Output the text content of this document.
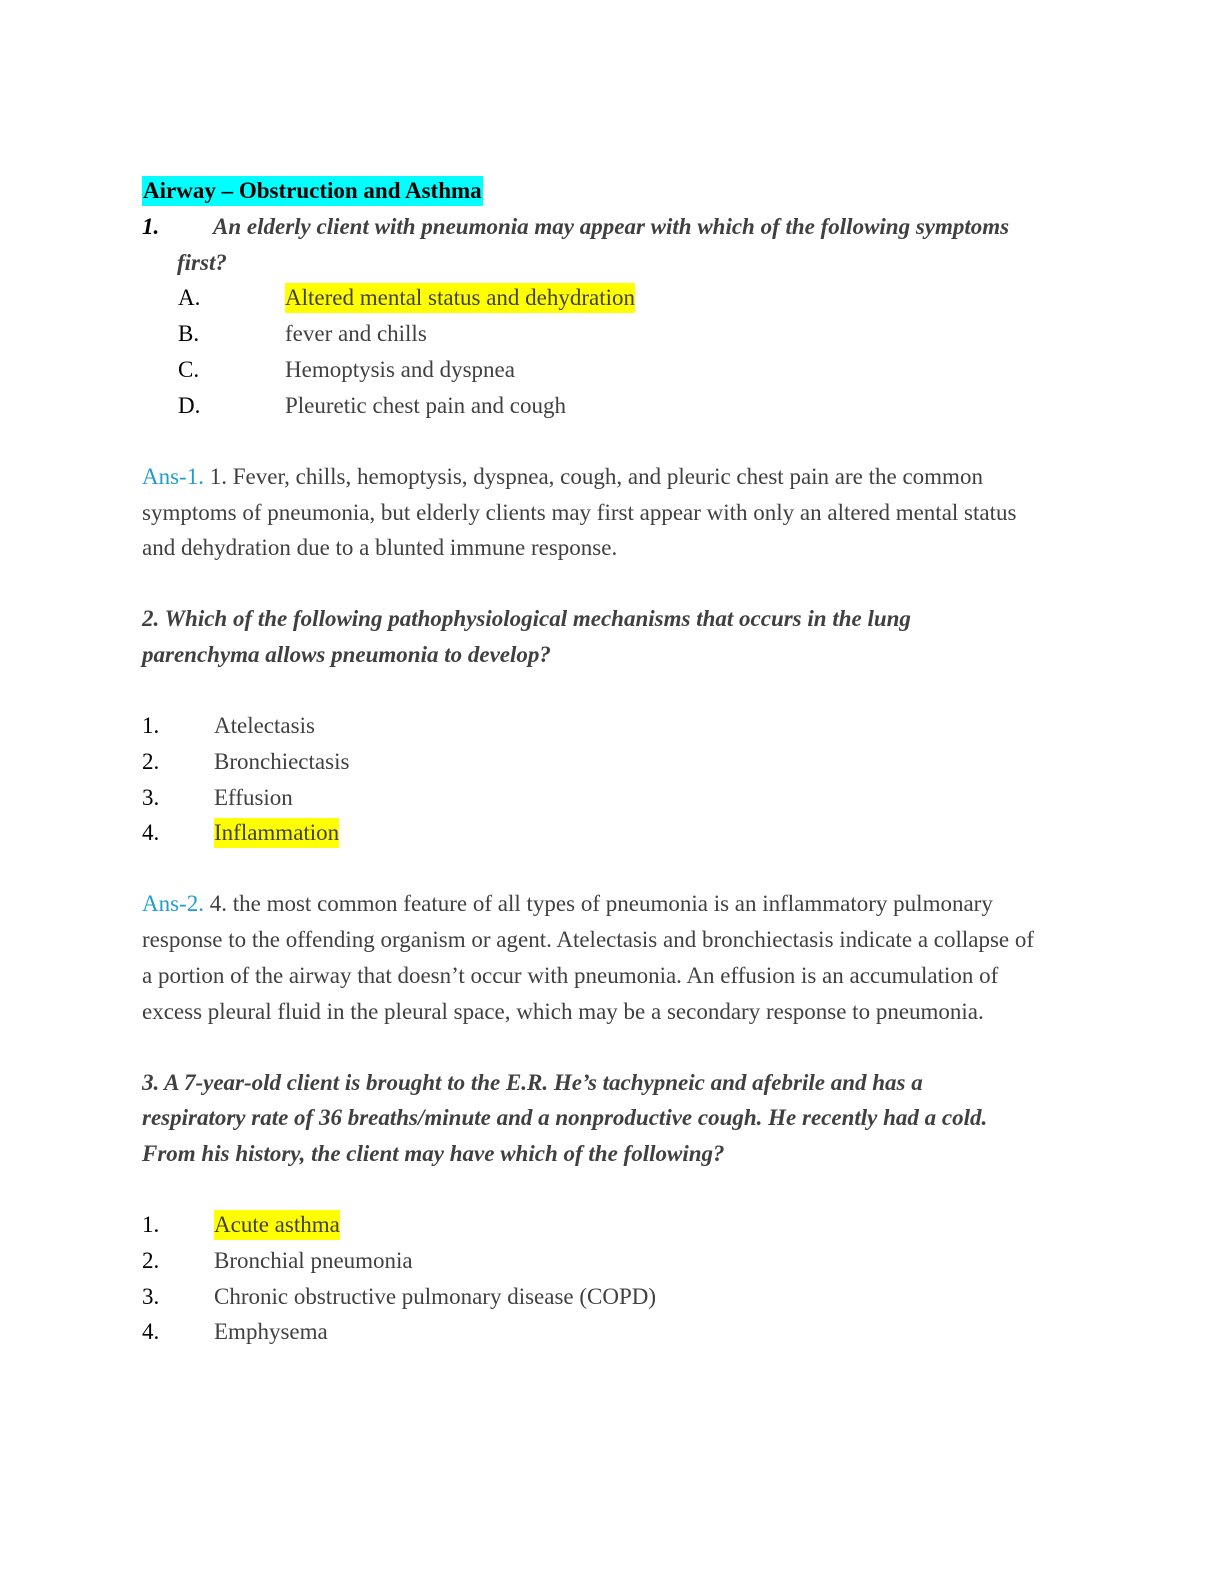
Airway – Obstruction and Asthma
1. An elderly client with pneumonia may appear with which of the following symptoms
first?
A.	Altered mental status and dehydration
B.	fever and chills
C.	Hemoptysis and dyspnea
D.	Pleuretic chest pain and cough
Ans-1. 1. Fever, chills, hemoptysis, dyspnea, cough, and pleuric chest pain are the common
symptoms of pneumonia, but elderly clients may first appear with only an altered mental status
and dehydration due to a blunted immune response.
2. Which of the following pathophysiological mechanisms that occurs in the lung
parenchyma allows pneumonia to develop?
1. Atelectasis
2. Bronchiectasis
3. Effusion
4. Inflammation
Ans-2. 4. the most common feature of all types of pneumonia is an inflammatory pulmonary
response to the offending organism or agent. Atelectasis and bronchiectasis indicate a collapse of
a portion of the airway that doesn’t occur with pneumonia. An effusion is an accumulation of
excess pleural fluid in the pleural space, which may be a secondary response to pneumonia.
3. A 7-year-old client is brought to the E.R. He’s tachypneic and afebrile and has a
respiratory rate of 36 breaths/minute and a nonproductive cough. He recently had a cold.
From his history, the client may have which of the following?
1. Acute asthma
2. Bronchial pneumonia
3. Chronic obstructive pulmonary disease (COPD)
4. Emphysema
